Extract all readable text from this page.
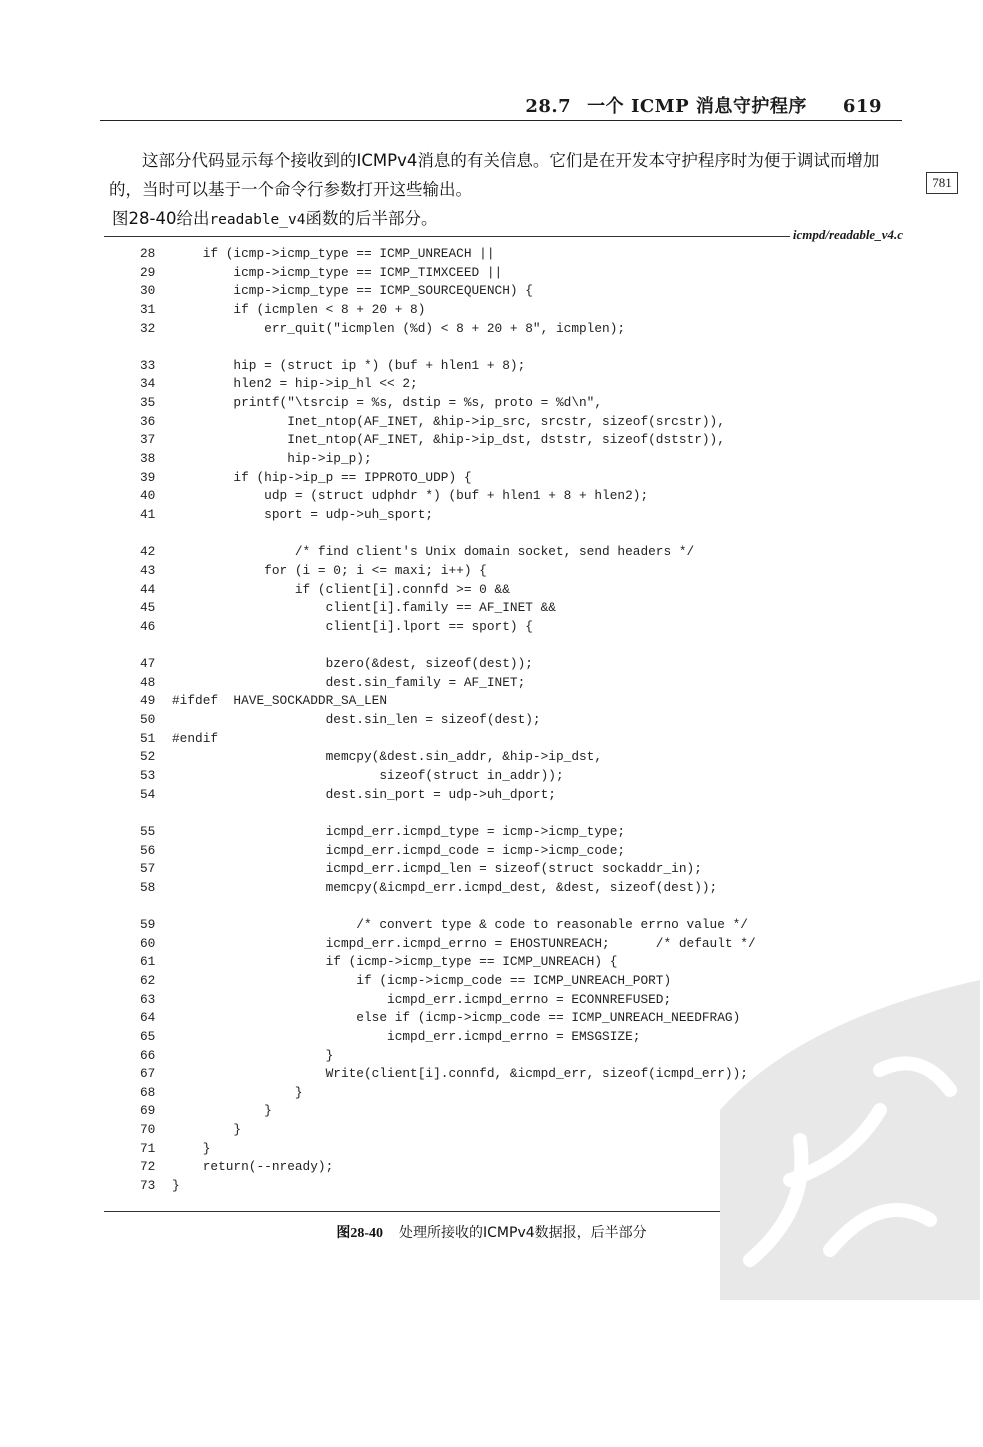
28.7 一个 ICMP 消息守护程序 619
781

这部分代码显示每个接收到的ICMPv4消息的有关信息。它们是在开发本守护程序时为便于调试而增加的，当时可以基于一个命令行参数打开这些输出。

图28-40给出readable_v4函数的后半部分。

icmpd/readable_v4.c
28    if (icmp->icmp_type == ICMP_UNREACH ||
29        icmp->icmp_type == ICMP_TIMXCEED ||
30        icmp->icmp_type == ICMP_SOURCEQUENCH) {
31        if (icmplen < 8 + 20 + 8)
32            err_quit("icmplen (%d) < 8 + 20 + 8", icmplen);
33        hip = (struct ip *) (buf + hlen1 + 8);
34        hlen2 = hip->ip_hl << 2;
35        printf("\tsrcip = %s, dstip = %s, proto = %d\n",
36               Inet_ntop(AF_INET, &hip->ip_src, srcstr, sizeof(srcstr)),
37               Inet_ntop(AF_INET, &hip->ip_dst, dststr, sizeof(dststr)),
38               hip->ip_p);
39        if (hip->ip_p == IPPROTO_UDP) {
40            udp = (struct udphdr *) (buf + hlen1 + 8 + hlen2);
41            sport = udp->uh_sport;
42                /* find client's Unix domain socket, send headers */
43            for (i = 0; i <= maxi; i++) {
44                if (client[i].connfd >= 0 &&
45                    client[i].family == AF_INET &&
46                    client[i].lport == sport) {
47                    bzero(&dest, sizeof(dest));
48                    dest.sin_family = AF_INET;
49 #ifdef  HAVE_SOCKADDR_SA_LEN
50                    dest.sin_len = sizeof(dest);
51 #endif
52                    memcpy(&dest.sin_addr, &hip->ip_dst,
53                           sizeof(struct in_addr));
54                    dest.sin_port = udp->uh_dport;
55                    icmpd_err.icmpd_type = icmp->icmp_type;
56                    icmpd_err.icmpd_code = icmp->icmp_code;
57                    icmpd_err.icmpd_len = sizeof(struct sockaddr_in);
58                    memcpy(&icmpd_err.icmpd_dest, &dest, sizeof(dest));
59                        /* convert type & code to reasonable errno value */
60                    icmpd_err.icmpd_errno = EHOSTUNREACH;      /* default */
61                    if (icmp->icmp_type == ICMP_UNREACH) {
62                        if (icmp->icmp_code == ICMP_UNREACH_PORT)
63                            icmpd_err.icmpd_errno = ECONNREFUSED;
64                        else if (icmp->icmp_code == ICMP_UNREACH_NEEDFRAG)
65                            icmpd_err.icmpd_errno = EMSGSIZE;
66                    }
67                    Write(client[i].connfd, &icmpd_err, sizeof(icmpd_err));
68                }
69            }
70        }
71    }
72    return(--nready);
73 }
图28-40 处理所接收的ICMPv4数据报，后半部分
